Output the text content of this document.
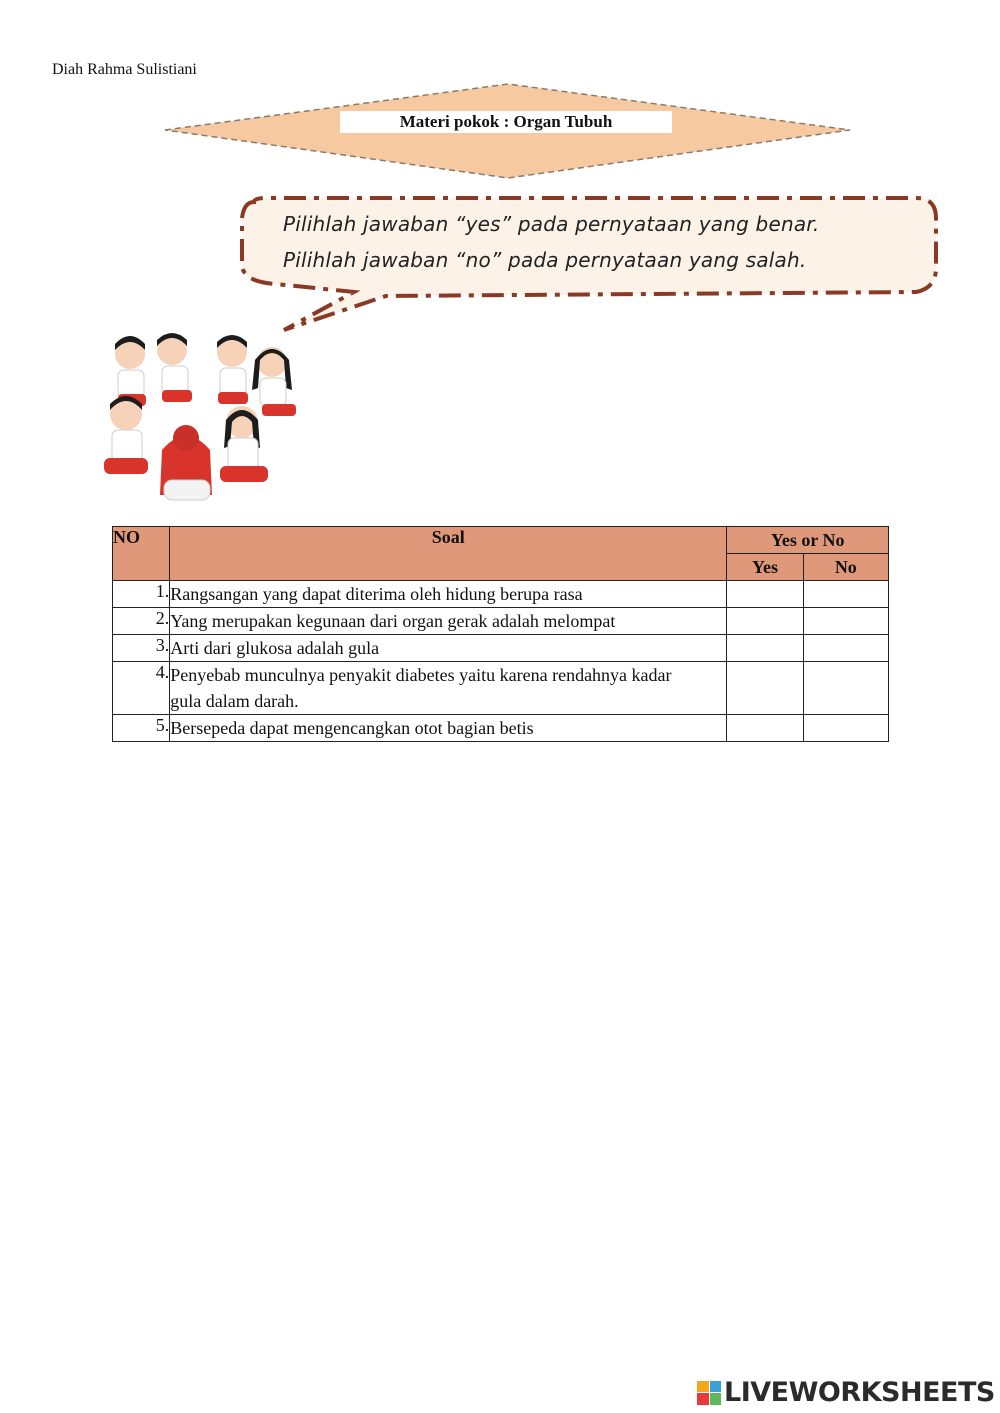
Diah Rahma Sulistiani
Materi pokok : Organ Tubuh
Pilihlah jawaban “yes” pada pernyataan yang benar.
Pilihlah jawaban “no” pada pernyataan yang salah.
NO	Soal	Yes or No	
		Yes	No
1.	Rangsangan yang dapat diterima oleh hidung berupa rasa		
2.	Yang merupakan kegunaan dari organ gerak adalah melompat		
3.	Arti dari glukosa adalah gula		
4.	Penyebab munculnya penyakit diabetes yaitu karena rendahnya kadar gula dalam darah.		
5.	Bersepeda dapat mengencangkan otot bagian betis		
LIVEWORKSHEETS
